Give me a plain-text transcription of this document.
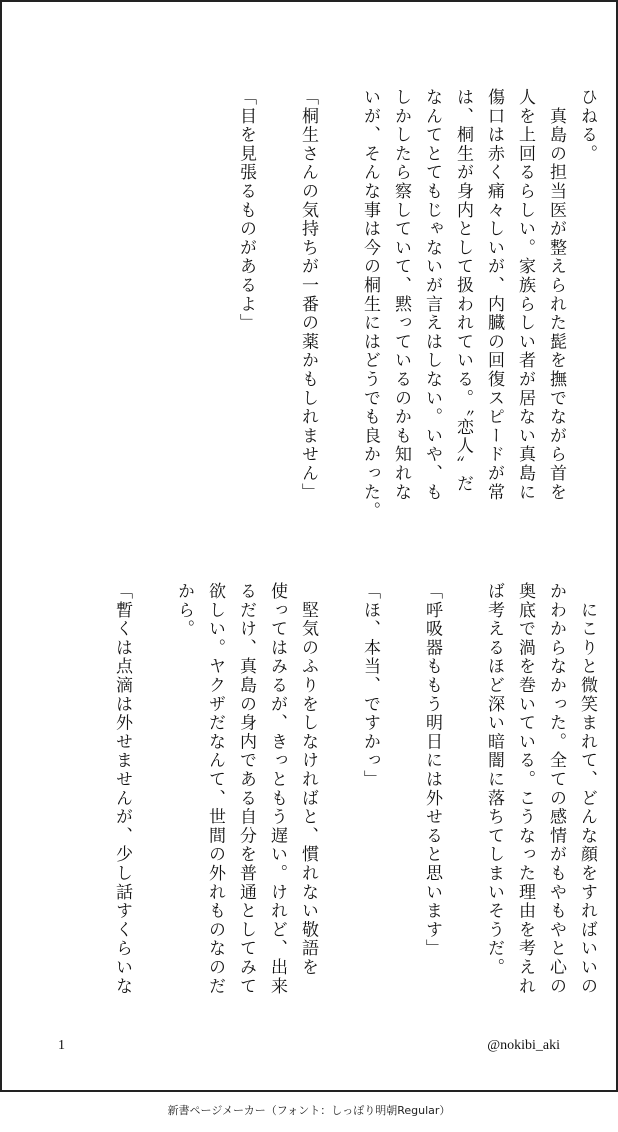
ひねる。
　真島の担当医が整えられた髭を撫でながら首を
人を上回るらしい。家族らしい者が居ない真島に
傷口は赤く痛々しいが、内臓の回復スピードが常
は、桐生が身内として扱われている。〝恋人〟だ
なんてとてもじゃないが言えはしない。いや、も
しかしたら察していて、黙っているのかも知れな
いが、そんな事は今の桐生にはどうでも良かった。

「桐生さんの気持ちが一番の薬かもしれません」

「目を見張るものがあるよ」
　にこりと微笑まれて、どんな顔をすればいいの
かわからなかった。全ての感情がもやもやと心の
奥底で渦を巻いている。こうなった理由を考えれ
ば考えるほど深い暗闇に落ちてしまいそうだ。

「呼吸器ももう明日には外せると思います」

「ほ、本当、ですかっ」

　堅気のふりをしなければと、慣れない敬語を
使ってはみるが、きっともう遅い。けれど、出来
るだけ、真島の身内である自分を普通としてみて
欲しい。ヤクザだなんて、世間の外れものなのだ
から。

「暫くは点滴は外せませんが、少し話すくらいな
1	@nokibi_aki
新書ページメーカー（フォント：しっぽり明朝Regular）
